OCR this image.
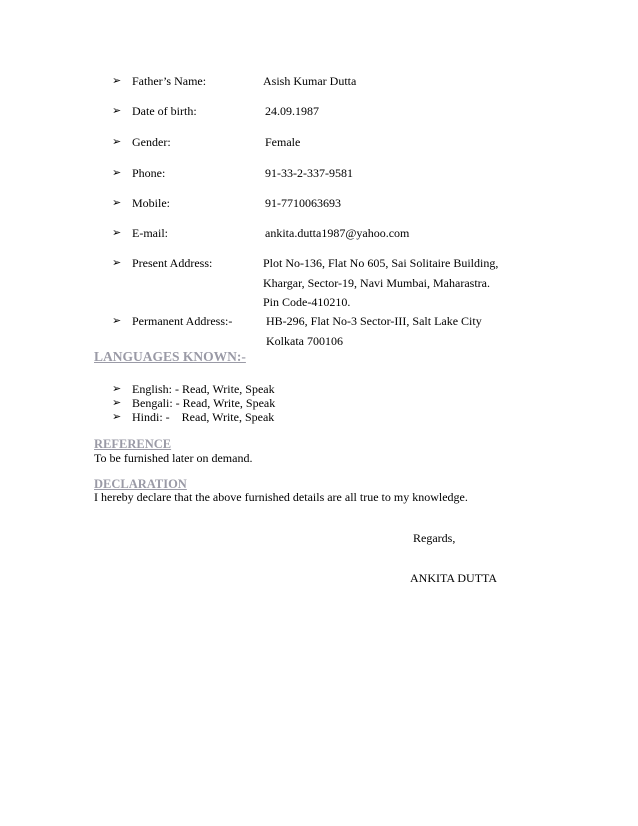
➢ Father’s Name:	Asish Kumar Dutta
➢ Date of birth:	24.09.1987
➢ Gender:	Female
➢ Phone:	91-33-2-337-9581
➢ Mobile:	91-7710063693
➢ E-mail:	ankita.dutta1987@yahoo.com
➢ Present Address:	Plot No-136, Flat No 605, Sai Solitaire Building,
Khargar, Sector-19, Navi Mumbai, Maharastra.
Pin Code-410210.
➢ Permanent Address:-	HB-296, Flat No-3 Sector-III, Salt Lake City
Kolkata 700106
LANGUAGES KNOWN:-
➢ English: - Read, Write, Speak
➢ Bengali: - Read, Write, Speak
➢ Hindi: -    Read, Write, Speak
REFERENCE
To be furnished later on demand.
DECLARATION
I hereby declare that the above furnished details are all true to my knowledge.
Regards,
ANKITA DUTTA
